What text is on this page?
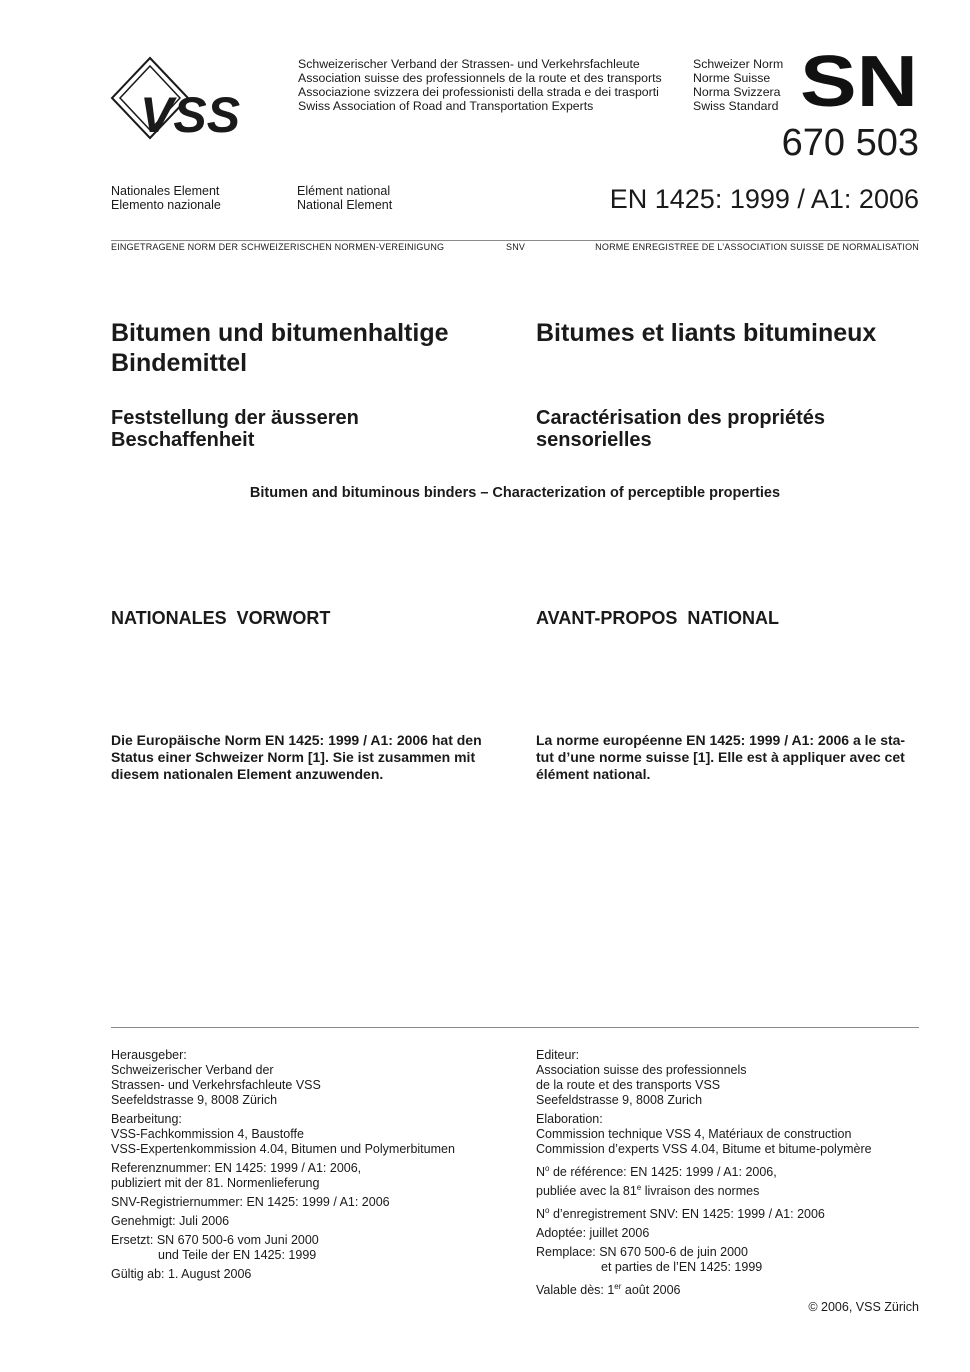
VSS
Schweizerischer Verband der Strassen- und Verkehrsfachleute
Association suisse des professionnels de la route et des transports
Associazione svizzera dei professionisti della strada e dei trasporti
Swiss Association of Road and Transportation Experts
Schweizer Norm
Norme Suisse
Norma Svizzera
Swiss Standard SN
670 503
Nationales Element
Elemento nazionale
Elément national
National Element	EN 1425: 1999 / A1: 2006
EINGETRAGENE NORM DER SCHWEIZERISCHEN NORMEN-VEREINIGUNG	SNV	NORME ENREGISTREE DE L’ASSOCIATION SUISSE DE NORMALISATION
Bitumen und bitumenhaltige
Bindemittel
Bitumes et liants bitumineux
Feststellung der äusseren
Beschaffenheit
Caractérisation des propriétés
sensorielles
Bitumen and bituminous binders – Characterization of perceptible properties
NATIONALES  VORWORT	AVANT-PROPOS  NATIONAL
Die Europäische Norm EN 1425: 1999 / A1: 2006 hat den
Status einer Schweizer Norm [1]. Sie ist zusammen mit
diesem nationalen Element anzuwenden.
La norme européenne EN 1425: 1999 / A1: 2006 a le sta-
tut d’une norme suisse [1]. Elle est à appliquer avec cet
élément national.

Herausgeber:
Schweizerischer Verband der
Strassen- und Verkehrsfachleute VSS
Seefeldstrasse 9, 8008 Zürich

Bearbeitung:
VSS-Fachkommission 4, Baustoffe
VSS-Expertenkommission 4.04, Bitumen und Polymerbitumen

Referenznummer: EN 1425: 1999 / A1: 2006,
publiziert mit der 81. Normenlieferung

SNV-Registriernummer: EN 1425: 1999 / A1: 2006

Genehmigt: Juli 2006

Ersetzt: SN 670 500-6 vom Juni 2000

und Teile der EN 1425: 1999

Gültig ab: 1. August 2006

Editeur:
Association suisse des professionnels
de la route et des transports VSS
Seefeldstrasse 9, 8008 Zurich

Elaboration:
Commission technique VSS 4, Matériaux de construction
Commission d’experts VSS 4.04, Bitume et bitume-polymère

$N^o$ de référence: EN 1425: 1999 / A1: 2006,
publiée avec la 81e livraison des normes

$N^o$ d’enregistrement SNV: EN 1425: 1999 / A1: 2006

Adoptée: juillet 2006

Remplace: SN 670 500-6 de juin 2000

et parties de l’EN 1425: 1999

Valable dès: 1er août 2006

© 2006, VSS Zürich
